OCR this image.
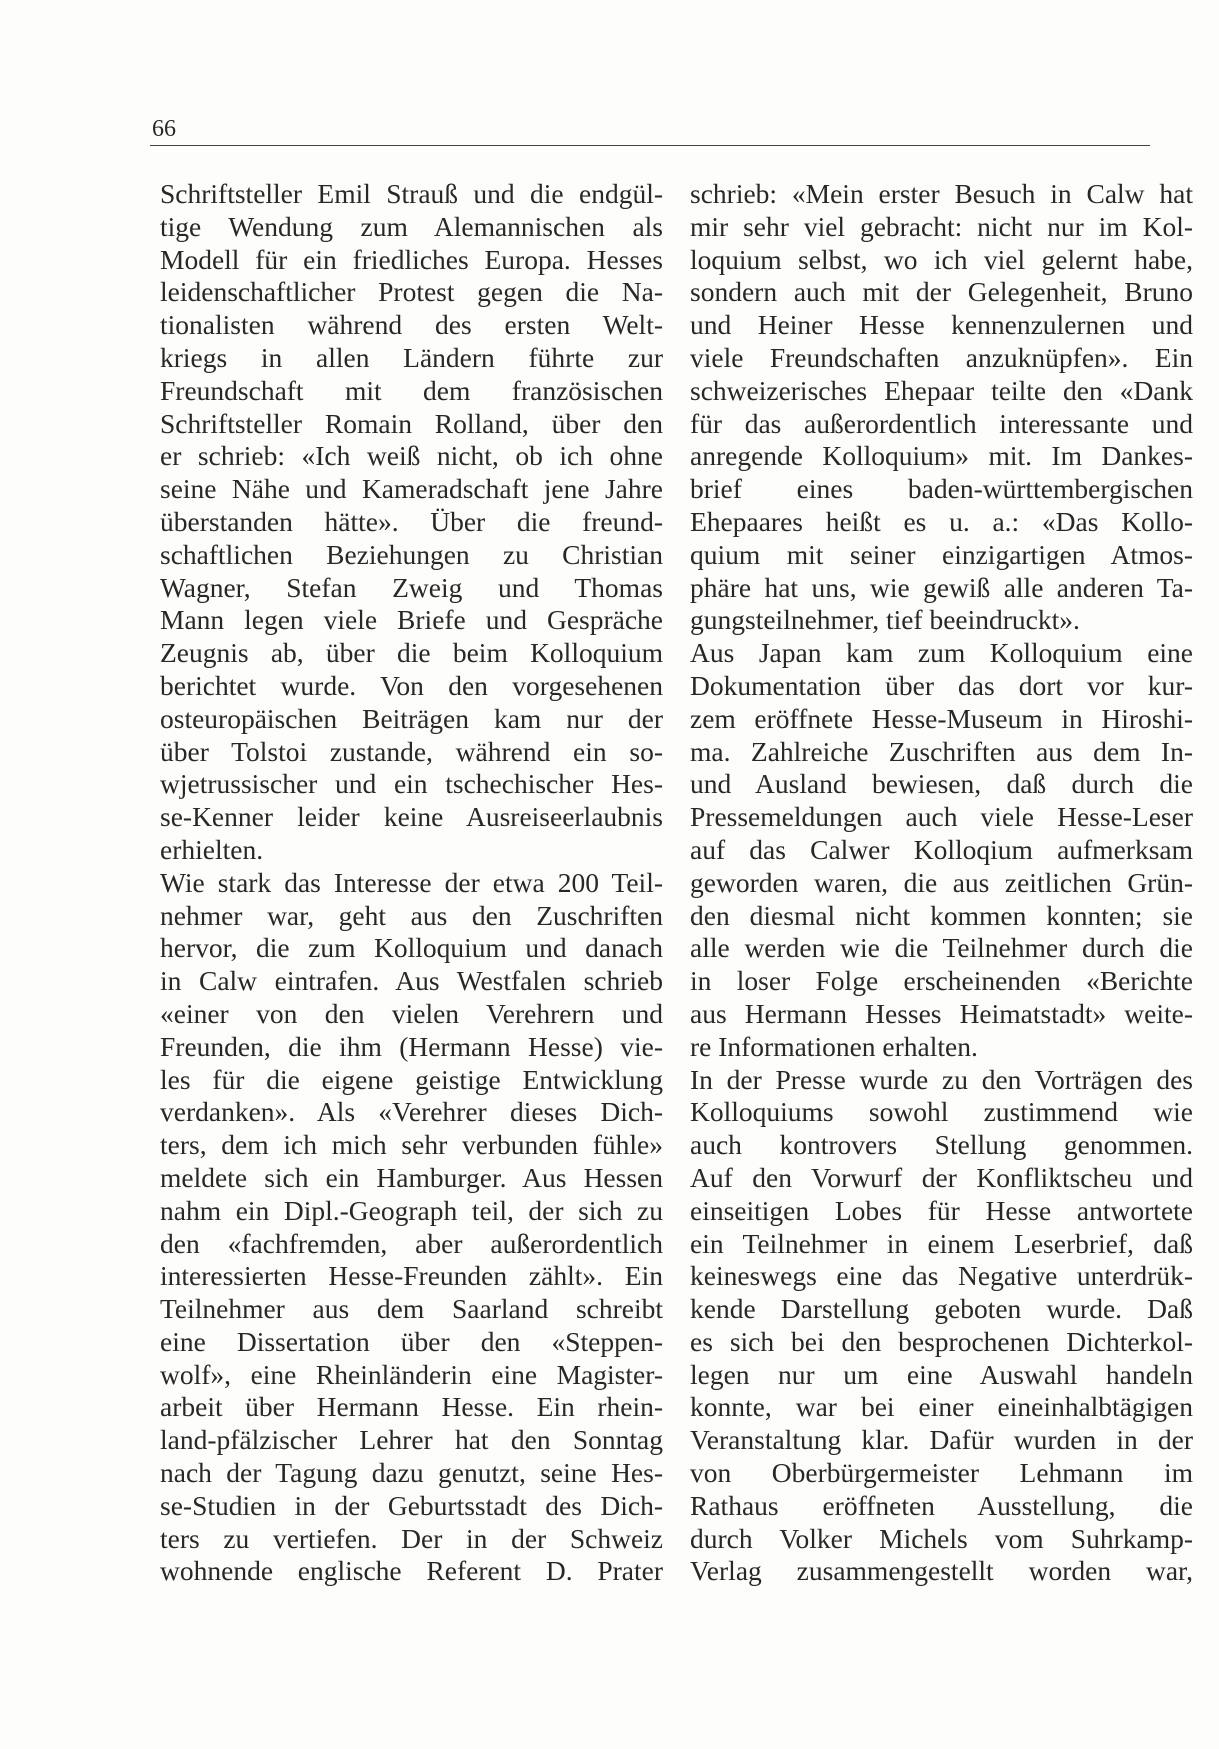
66
Schriftsteller Emil Strauß und die endgül-
tige Wendung zum Alemannischen als
Modell für ein friedliches Europa. Hesses
leidenschaftlicher Protest gegen die Na-
tionalisten während des ersten Welt-
kriegs in allen Ländern führte zur
Freundschaft mit dem französischen
Schriftsteller Romain Rolland, über den
er schrieb: «Ich weiß nicht, ob ich ohne
seine Nähe und Kameradschaft jene Jahre
überstanden hätte». Über die freund-
schaftlichen Beziehungen zu Christian
Wagner, Stefan Zweig und Thomas
Mann legen viele Briefe und Gespräche
Zeugnis ab, über die beim Kolloquium
berichtet wurde. Von den vorgesehenen
osteuropäischen Beiträgen kam nur der
über Tolstoi zustande, während ein so-
wjetrussischer und ein tschechischer Hes-
se-Kenner leider keine Ausreiseerlaubnis
erhielten.
Wie stark das Interesse der etwa 200 Teil-
nehmer war, geht aus den Zuschriften
hervor, die zum Kolloquium und danach
in Calw eintrafen. Aus Westfalen schrieb
«einer von den vielen Verehrern und
Freunden, die ihm (Hermann Hesse) vie-
les für die eigene geistige Entwicklung
verdanken». Als «Verehrer dieses Dich-
ters, dem ich mich sehr verbunden fühle»
meldete sich ein Hamburger. Aus Hessen
nahm ein Dipl.-Geograph teil, der sich zu
den «fachfremden, aber außerordentlich
interessierten Hesse-Freunden zählt». Ein
Teilnehmer aus dem Saarland schreibt
eine Dissertation über den «Steppen-
wolf», eine Rheinländerin eine Magister-
arbeit über Hermann Hesse. Ein rhein-
land-pfälzischer Lehrer hat den Sonntag
nach der Tagung dazu genutzt, seine Hes-
se-Studien in der Geburtsstadt des Dich-
ters zu vertiefen. Der in der Schweiz
wohnende englische Referent D. Prater
schrieb: «Mein erster Besuch in Calw hat
mir sehr viel gebracht: nicht nur im Kol-
loquium selbst, wo ich viel gelernt habe,
sondern auch mit der Gelegenheit, Bruno
und Heiner Hesse kennenzulernen und
viele Freundschaften anzuknüpfen». Ein
schweizerisches Ehepaar teilte den «Dank
für das außerordentlich interessante und
anregende Kolloquium» mit. Im Dankes-
brief eines baden-württembergischen
Ehepaares heißt es u. a.: «Das Kollo-
quium mit seiner einzigartigen Atmos-
phäre hat uns, wie gewiß alle anderen Ta-
gungsteilnehmer, tief beeindruckt».
Aus Japan kam zum Kolloquium eine
Dokumentation über das dort vor kur-
zem eröffnete Hesse-Museum in Hiroshi-
ma. Zahlreiche Zuschriften aus dem In-
und Ausland bewiesen, daß durch die
Pressemeldungen auch viele Hesse-Leser
auf das Calwer Kolloqium aufmerksam
geworden waren, die aus zeitlichen Grün-
den diesmal nicht kommen konnten; sie
alle werden wie die Teilnehmer durch die
in loser Folge erscheinenden «Berichte
aus Hermann Hesses Heimatstadt» weite-
re Informationen erhalten.
In der Presse wurde zu den Vorträgen des
Kolloquiums sowohl zustimmend wie
auch kontrovers Stellung genommen.
Auf den Vorwurf der Konfliktscheu und
einseitigen Lobes für Hesse antwortete
ein Teilnehmer in einem Leserbrief, daß
keineswegs eine das Negative unterdrük-
kende Darstellung geboten wurde. Daß
es sich bei den besprochenen Dichterkol-
legen nur um eine Auswahl handeln
konnte, war bei einer eineinhalbtägigen
Veranstaltung klar. Dafür wurden in der
von Oberbürgermeister Lehmann im
Rathaus eröffneten Ausstellung, die
durch Volker Michels vom Suhrkamp-
Verlag zusammengestellt worden war,
